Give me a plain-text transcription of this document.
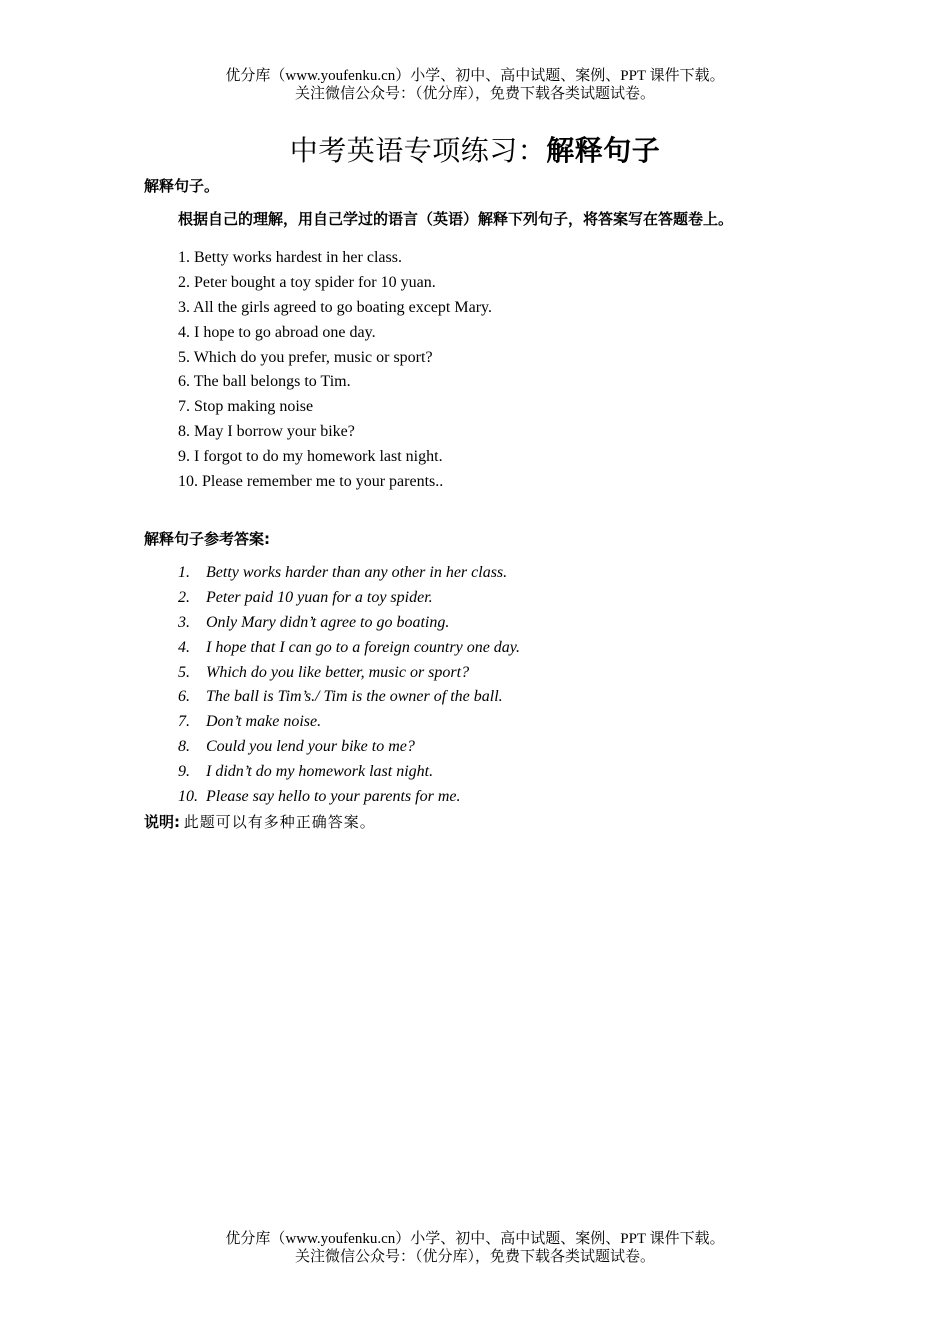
优分库（www.youfenku.cn）小学、初中、高中试题、案例、PPT 课件下载。
关注微信公众号：（优分库），免费下载各类试题试卷。
中考英语专项练习：解释句子
解释句子。
根据自己的理解，用自己学过的语言（英语）解释下列句子，将答案写在答题卷上。
1. Betty works hardest in her class.
2. Peter bought a toy spider for 10 yuan.
3. All the girls agreed to go boating except Mary.
4. I hope to go abroad one day.
5. Which do you prefer, music or sport?
6. The ball belongs to Tim.
7. Stop making noise
8. May I borrow your bike?
9. I forgot to do my homework last night.
10. Please remember me to your parents..
解释句子参考答案:
1. Betty works harder than any other in her class.
2. Peter paid 10 yuan for a toy spider.
3. Only Mary didn’t agree to go boating.
4. I hope that I can go to a foreign country one day.
5. Which do you like better, music or sport?
6. The ball is Tim’s./ Tim is the owner of the ball.
7. Don’t make noise.
8. Could you lend your bike to me?
9. I didn’t do my homework last night.
10. Please say hello to your parents for me.
说明: 此题可以有多种正确答案。
优分库（www.youfenku.cn）小学、初中、高中试题、案例、PPT 课件下载。
关注微信公众号：（优分库），免费下载各类试题试卷。
